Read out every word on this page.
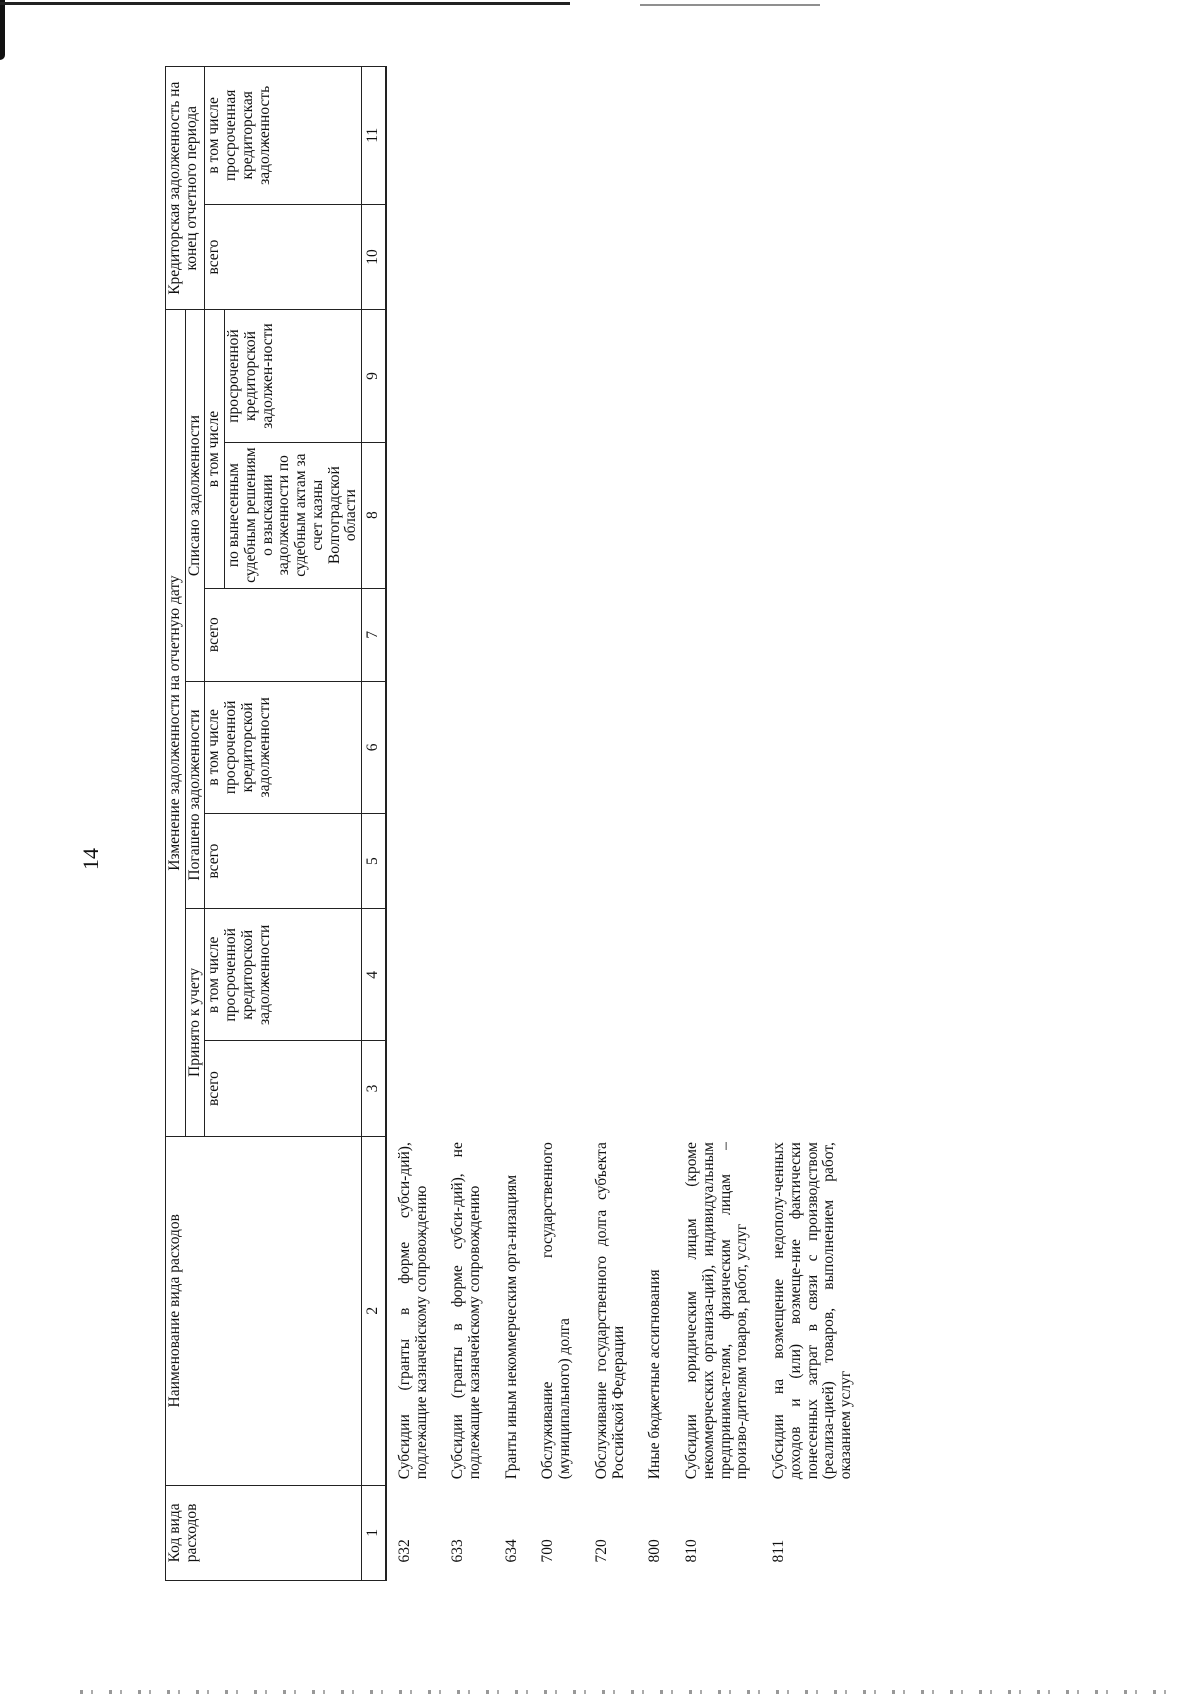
14
Код вида расходов	Наименование вида расходов	Изменение задолженности на отчетную дату							Кредиторская задолженность на конец отчетного периода	
		Принято к учету		Погашено задолженности		Списано задолженности				
		всего	в том числе просроченной кредиторской задолженности	всего	в том числе просроченной кредиторской задолженности	всего	в том числе		всего	в том числе просроченная кредиторская задолженность
							по вынесенным судебным решениям о взыскании задолженности по судебным актам за счет казны Волгоградской области	просроченной кредиторской задолжен-ности		
1	2	3	4	5	6	7	8	9	10	11
632	Субсидии (гранты в форме субси-дий), подлежащие казначейскому сопровождению									
633	Субсидии (гранты в форме субси-дий), не подлежащие казначейскому сопровождению									
634	Гранты иным некоммерческим орга-низациям									
700	Обслуживание государственного (муниципального) долга									
720	Обслуживание государственного долга субъекта Российской Федерации									
800	Иные бюджетные ассигнования									
810	Субсидии юридическим лицам (кроме некоммерческих организа-ций), индивидуальным предпринима-телям, физическим лицам – произво-дителям товаров, работ, услуг									
811	Субсидии на возмещение недополу-ченных доходов и (или) возмеще-ние фактически понесенных затрат в связи с производством (реализа-цией) товаров, выполнением работ, оказанием услуг									
